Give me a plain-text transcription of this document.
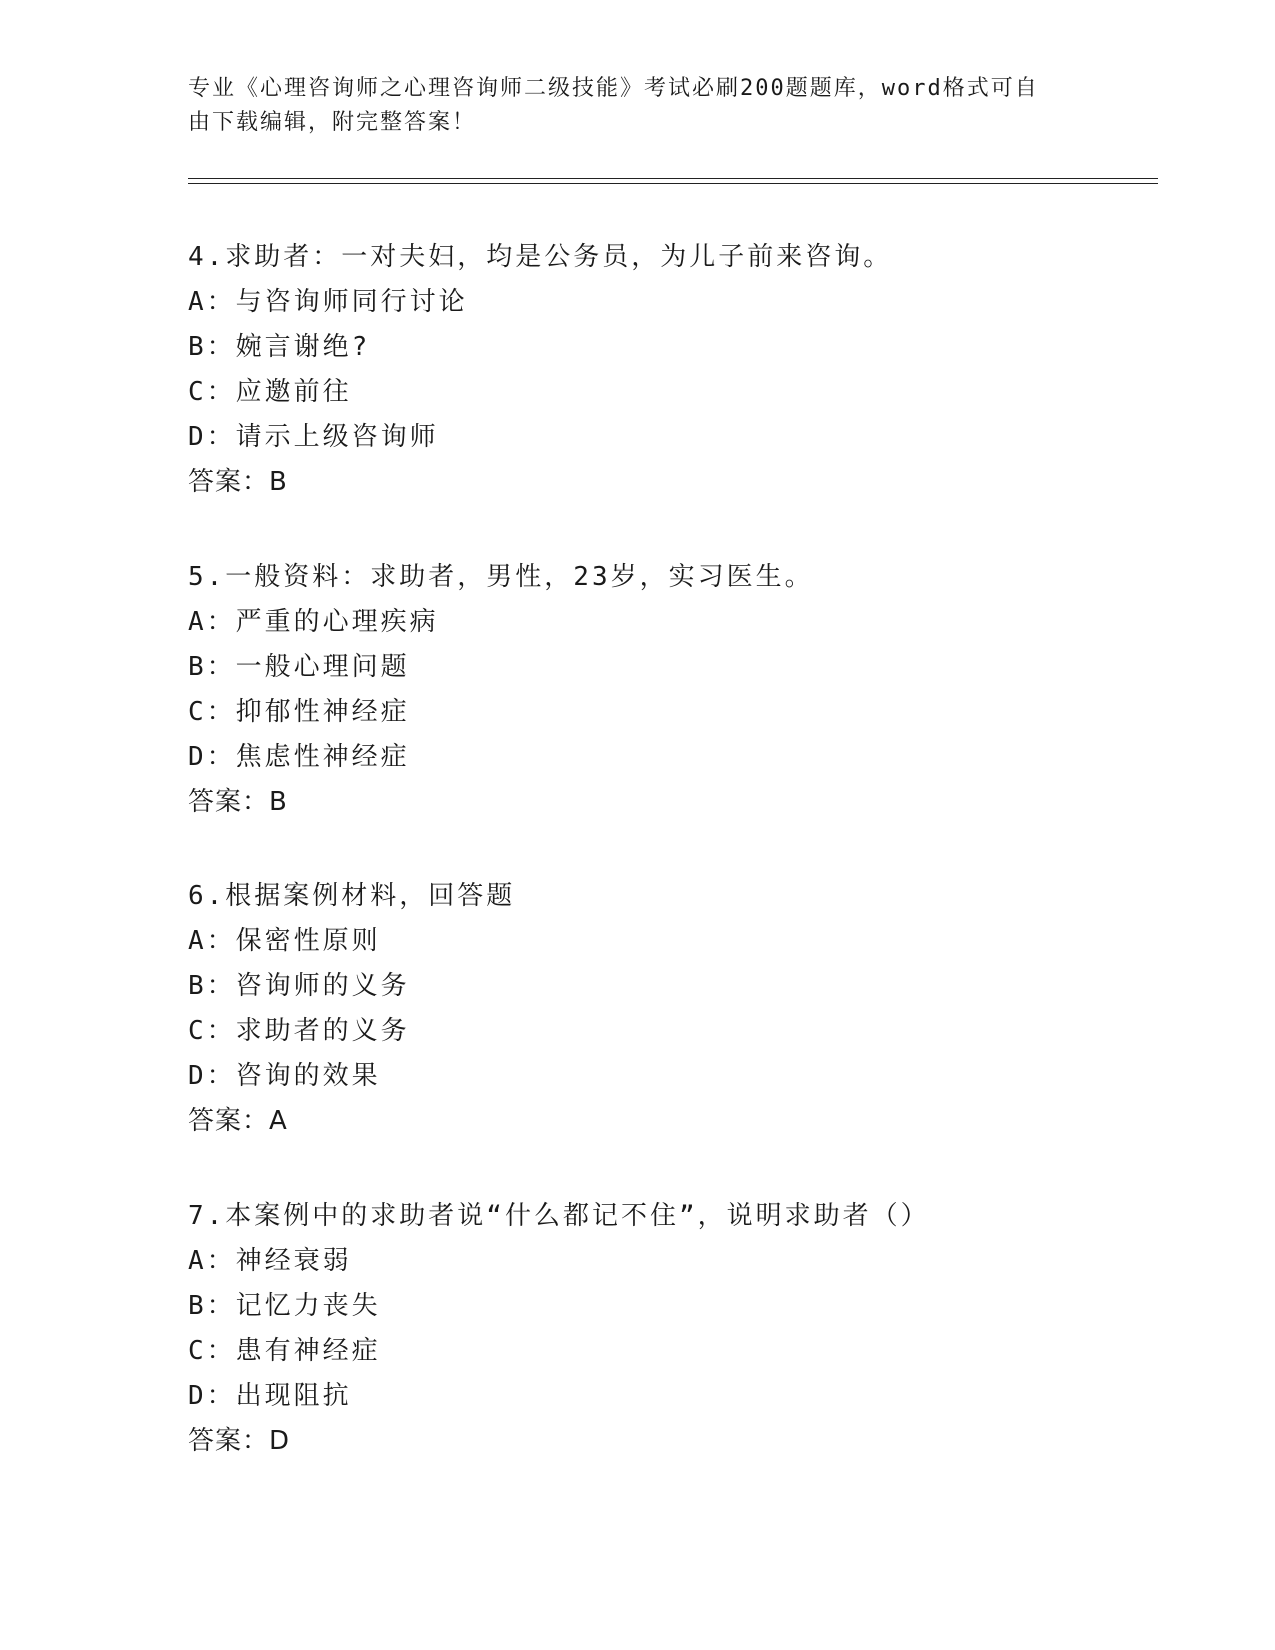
专业《心理咨询师之心理咨询师二级技能》考试必刷200题题库，word格式可自
由下载编辑，附完整答案！
4.求助者：一对夫妇，均是公务员，为儿子前来咨询。
A：与咨询师同行讨论
B：婉言谢绝?
C：应邀前往
D：请示上级咨询师
答案：B
5.一般资料：求助者，男性，23岁，实习医生。
A：严重的心理疾病
B：一般心理问题
C：抑郁性神经症
D：焦虑性神经症
答案：B
6.根据案例材料，回答题
A：保密性原则
B：咨询师的义务
C：求助者的义务
D：咨询的效果
答案：A
7.本案例中的求助者说“什么都记不住”，说明求助者（）
A：神经衰弱
B：记忆力丧失
C：患有神经症
D：出现阻抗
答案：D
